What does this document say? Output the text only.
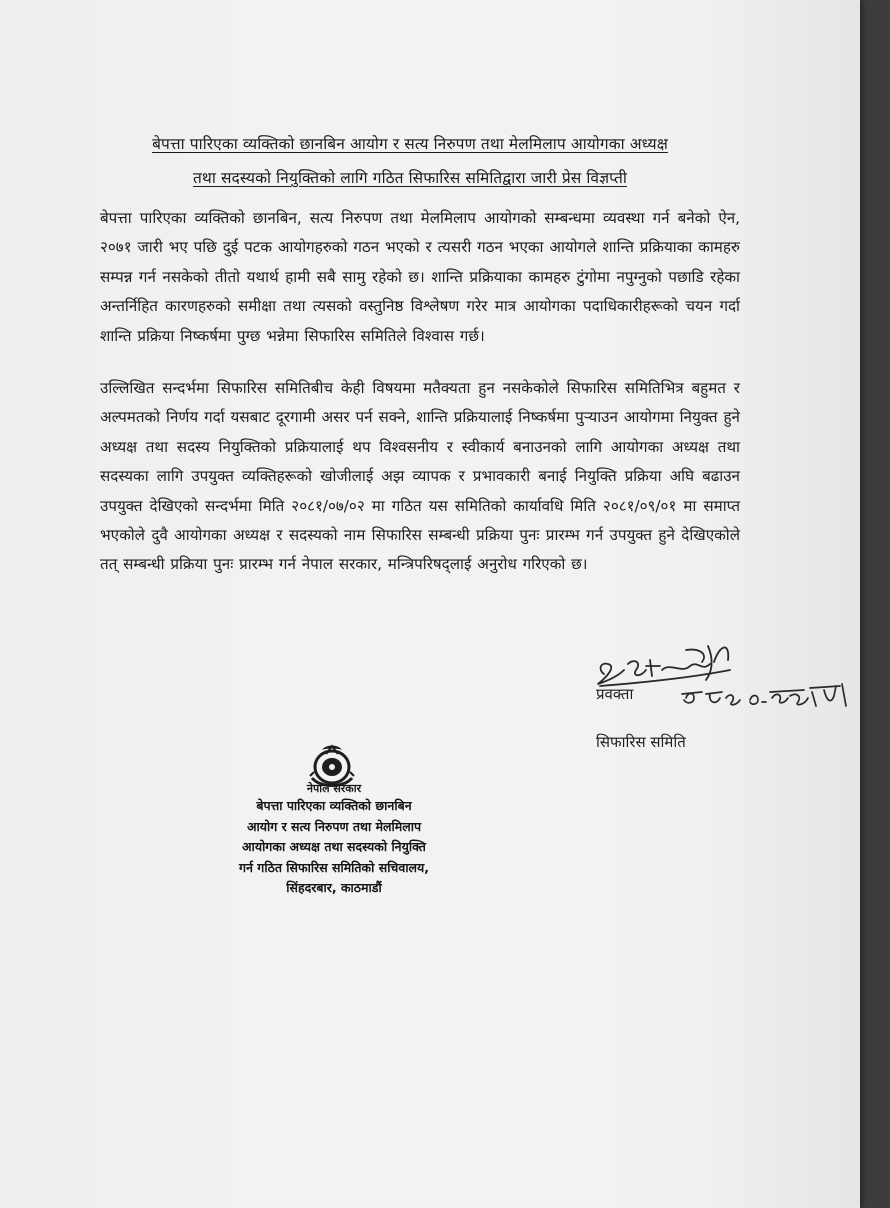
बेपत्ता पारिएका व्यक्तिको छानबिन आयोग र सत्य निरुपण तथा मेलमिलाप आयोगका अध्यक्ष
तथा सदस्यको नियुक्तिको लागि गठित सिफारिस समितिद्वारा जारी प्रेस विज्ञप्ती

बेपत्ता पारिएका व्यक्तिको छानबिन, सत्य निरुपण तथा मेलमिलाप आयोगको सम्बन्धमा व्यवस्था गर्न बनेको ऐन, २०७१ जारी भए पछि दुई पटक आयोगहरुको गठन भएको र त्यसरी गठन भएका आयोगले शान्ति प्रक्रियाका कामहरु सम्पन्न गर्न नसकेको तीतो यथार्थ हामी सबै सामु रहेको छ। शान्ति प्रक्रियाका कामहरु टुंगोमा नपुग्नुको पछाडि रहेका अन्तर्निहित कारणहरुको समीक्षा तथा त्यसको वस्तुनिष्ठ विश्लेषण गरेर मात्र आयोगका पदाधिकारीहरूको चयन गर्दा शान्ति प्रक्रिया निष्कर्षमा पुग्छ भन्नेमा सिफारिस समितिले विश्वास गर्छ।

उल्लिखित सन्दर्भमा सिफारिस समितिबीच केही विषयमा मतैक्यता हुन नसकेकोले सिफारिस समितिभित्र बहुमत र अल्पमतको निर्णय गर्दा यसबाट दूरगामी असर पर्न सक्ने, शान्ति प्रक्रियालाई निष्कर्षमा पुऱ्याउन आयोगमा नियुक्त हुने अध्यक्ष तथा सदस्य नियुक्तिको प्रक्रियालाई थप विश्वसनीय र स्वीकार्य बनाउनको लागि आयोगका अध्यक्ष तथा सदस्यका लागि उपयुक्त व्यक्तिहरूको खोजीलाई अझ व्यापक र प्रभावकारी बनाई नियुक्ति प्रक्रिया अघि बढाउन उपयुक्त देखिएको सन्दर्भमा मिति २०८१/०७/०२ मा गठित यस समितिको कार्यावधि मिति २०८१/०९/०१ मा समाप्त भएकोले दुवै आयोगका अध्यक्ष र सदस्यको नाम सिफारिस सम्बन्धी प्रक्रिया पुनः प्रारम्भ गर्न उपयुक्त हुने देखिएकोले तत् सम्बन्धी प्रक्रिया पुनः प्रारम्भ गर्न नेपाल सरकार, मन्त्रिपरिषद्लाई अनुरोध गरिएको छ।

प्रवक्ता
सिफारिस समिति
नेपाल सरकार
बेपत्ता पारिएका व्यक्तिको छानबिन
आयोग र सत्य निरुपण तथा मेलमिलाप
आयोगका अध्यक्ष तथा सदस्यको नियुक्ति
गर्न गठित सिफारिस समितिको सचिवालय,
सिंहदरबार, काठमाडौं
